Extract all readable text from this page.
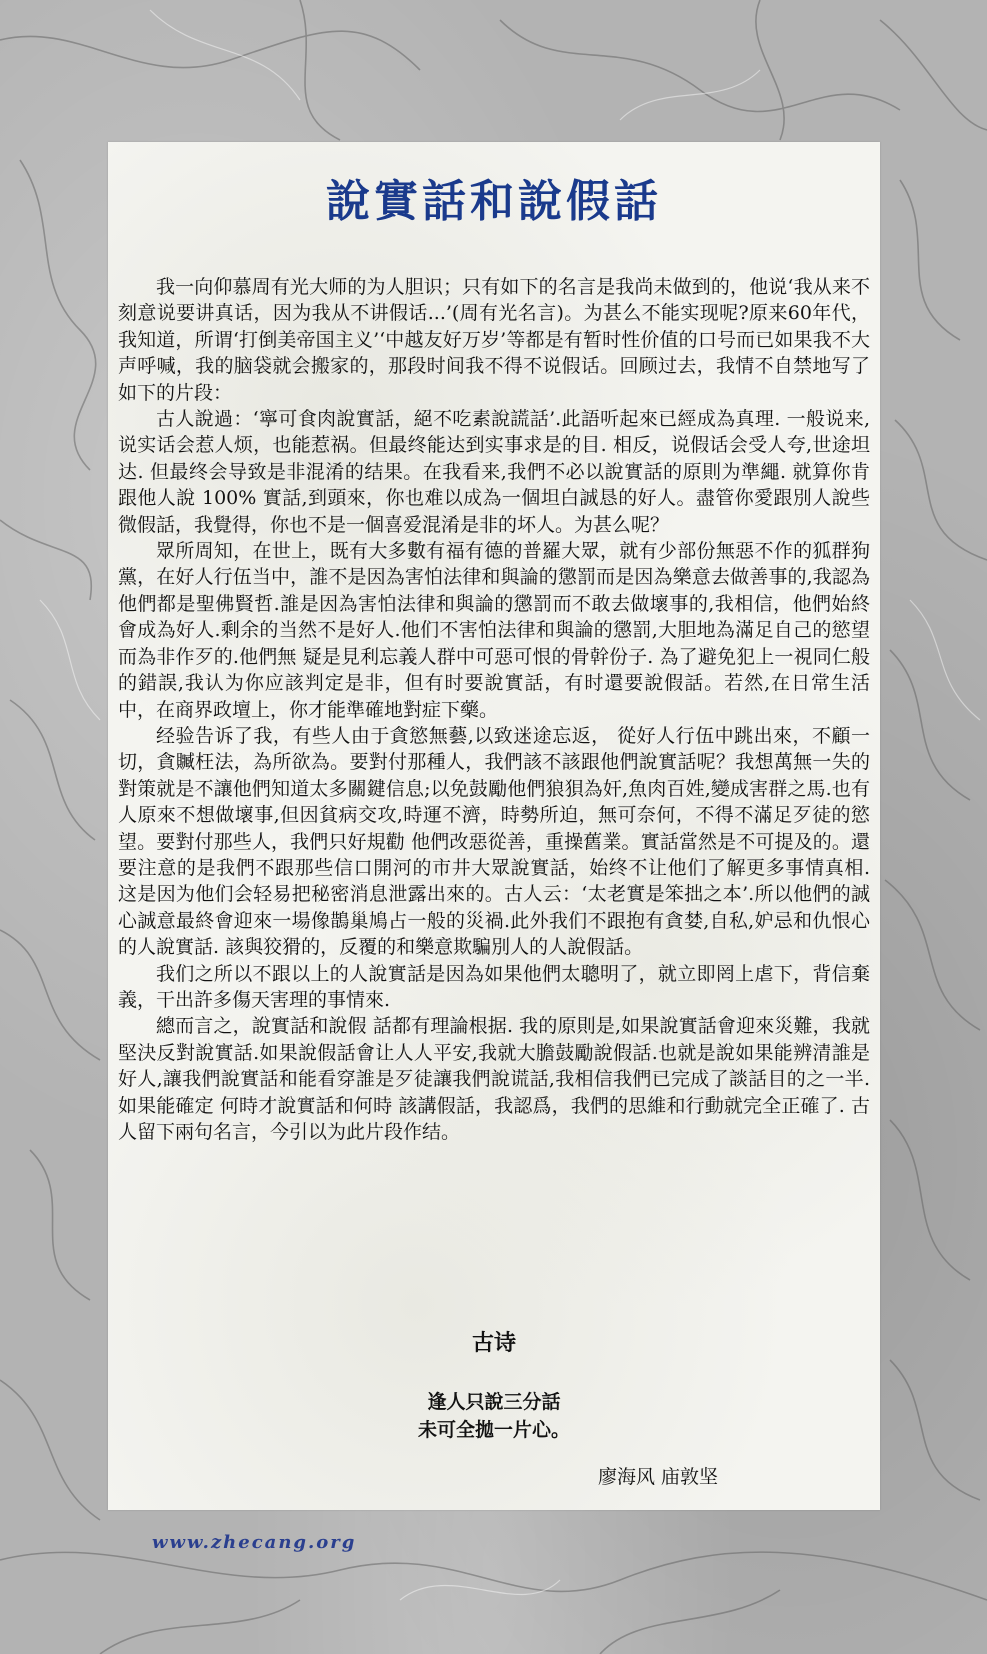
說實話和說假話

我一向仰慕周有光大师的为人胆识；只有如下的名言是我尚未做到的，他说‘我从来不刻意说要讲真话，因为我从不讲假话...’(周有光名言)。为甚么不能实现呢?原来60年代，我知道，所谓‘打倒美帝国主义’‘中越友好万岁’等都是有暂时性价值的口号而已如果我不大声呼喊，我的脑袋就会搬家的，那段时间我不得不说假话。回顾过去，我情不自禁地写了如下的片段：

古人說過：‘寧可食肉說實話，絕不吃素說謊話’.此語听起來已經成為真理. 一般说来,说实话会惹人烦，也能惹祸。但最终能达到实事求是的目. 相反，说假话会受人夸,世途坦达. 但最终会导致是非混淆的结果。在我看来,我們不必以說實話的原則为準繩. 就算你肯跟他人說 100% 實話,到頭來，你也难以成為一個坦白誠恳的好人。盡管你愛跟別人說些微假話，我覺得，你也不是一個喜爱混淆是非的坏人。为甚么呢？

眾所周知，在世上，既有大多數有福有德的普羅大眾，就有少部份無惡不作的狐群狗黨，在好人行伍当中，誰不是因為害怕法律和與論的懲罰而是因為樂意去做善事的,我認為他們都是聖佛賢哲.誰是因為害怕法律和與論的懲罰而不敢去做壞事的,我相信，他們始終會成為好人.剩余的当然不是好人.他们不害怕法律和與論的懲罰,大胆地為滿足自己的慾望而為非作歹的.他們無 疑是見利忘義人群中可惡可恨的骨幹份子. 為了避免犯上一視同仁般的錯誤,我认为你应該判定是非，但有时要說實話，有时還要說假話。若然,在日常生活中，在商界政壇上，你才能準確地對症下藥。

经验告诉了我，有些人由于貪慾無藝,以致迷途忘返， 從好人行伍中跳出來，不顧一切，貪贓枉法，為所欲為。要對付那種人，我們該不該跟他們說實話呢？我想萬無一失的對策就是不讓他們知道太多關鍵信息;以免鼓勵他們狼狽為奸,魚肉百姓,變成害群之馬.也有人原來不想做壞事,但因貧病交攻,時運不濟，時勢所迫，無可奈何，不得不滿足歹徒的慾望。要對付那些人，我們只好規勸 他們改惡從善，重操舊業。實話當然是不可提及的。還要注意的是我們不跟那些信口開河的市井大眾說實話，始终不让他们了解更多事情真相. 这是因为他们会轻易把秘密消息泄露出來的。古人云：‘太老實是笨拙之本’.所以他們的誠心誠意最終會迎來一場像鵲巢鳩占一般的災禍.此外我们不跟抱有貪婪,自私,妒忌和仇恨心的人說實話. 該與狡猾的，反覆的和樂意欺騙別人的人說假話。

我们之所以不跟以上的人說實話是因為如果他們太聰明了，就立即罔上虐下，背信棄義，干出許多傷天害理的事情來.

總而言之，說實話和說假 話都有理論根据. 我的原則是,如果說實話會迎來災難，我就堅決反對說實話.如果說假話會让人人平安,我就大膽鼓勵說假話.也就是說如果能辨清誰是好人,讓我們說實話和能看穿誰是歹徒讓我們說谎話,我相信我們已完成了談話目的之一半.如果能確定 何時才說實話和何時 該講假話，我認爲，我們的思維和行動就完全正確了. 古人留下兩句名言，今引以为此片段作结。

古诗
逢人只說三分話
未可全拋一片心。
廖海风 庙敦坚
www.zhecang.org
